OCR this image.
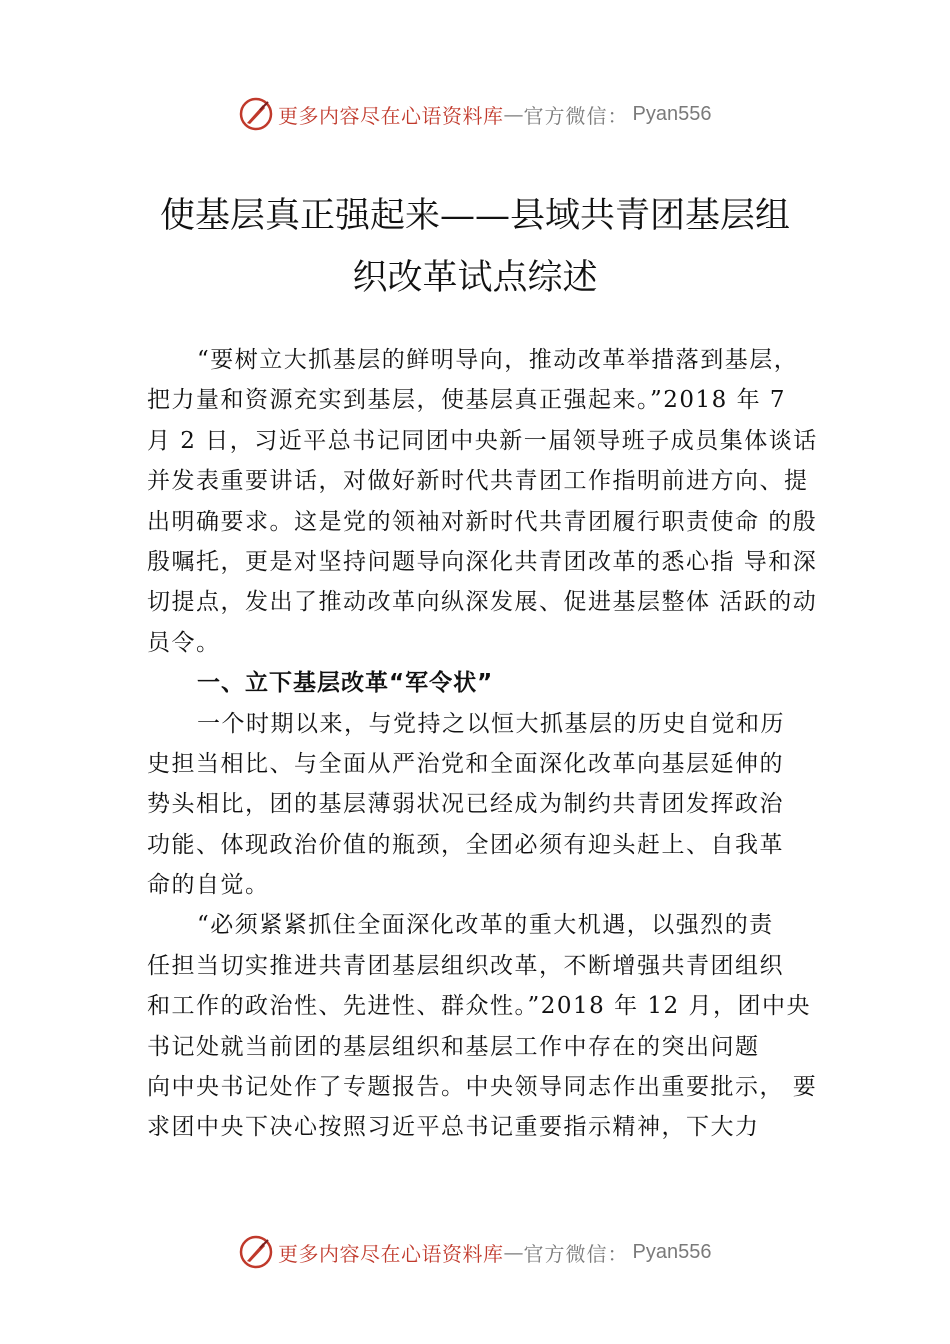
更多内容尽在心语资料库 — 官方微信： Pyan556
使基层真正强起来——县域共青团基层组
织改革试点综述
“要树立大抓基层的鲜明导向，推动改革举措落到基层，
把力量和资源充实到基层，使基层真正强起来。”2018 年 7
月 2 日，习近平总书记同团中央新一届领导班子成员集体谈话
并发表重要讲话，对做好新时代共青团工作指明前进方向、提
出明确要求。这是党的领袖对新时代共青团履行职责使命 的殷
殷嘱托，更是对坚持问题导向深化共青团改革的悉心指 导和深
切提点，发出了推动改革向纵深发展、促进基层整体 活跃的动
员令。
一、立下基层改革“军令状”
一个时期以来，与党持之以恒大抓基层的历史自觉和历
史担当相比、与全面从严治党和全面深化改革向基层延伸的
势头相比，团的基层薄弱状况已经成为制约共青团发挥政治
功能、体现政治价值的瓶颈，全团必须有迎头赶上、自我革
命的自觉。
“必须紧紧抓住全面深化改革的重大机遇，以强烈的责
任担当切实推进共青团基层组织改革，不断增强共青团组织
和工作的政治性、先进性、群众性。”2018 年 12 月，团中央
书记处就当前团的基层组织和基层工作中存在的突出问题
向中央书记处作了专题报告。中央领导同志作出重要批示， 要
求团中央下决心按照习近平总书记重要指示精神，下大力
更多内容尽在心语资料库 — 官方微信： Pyan556
